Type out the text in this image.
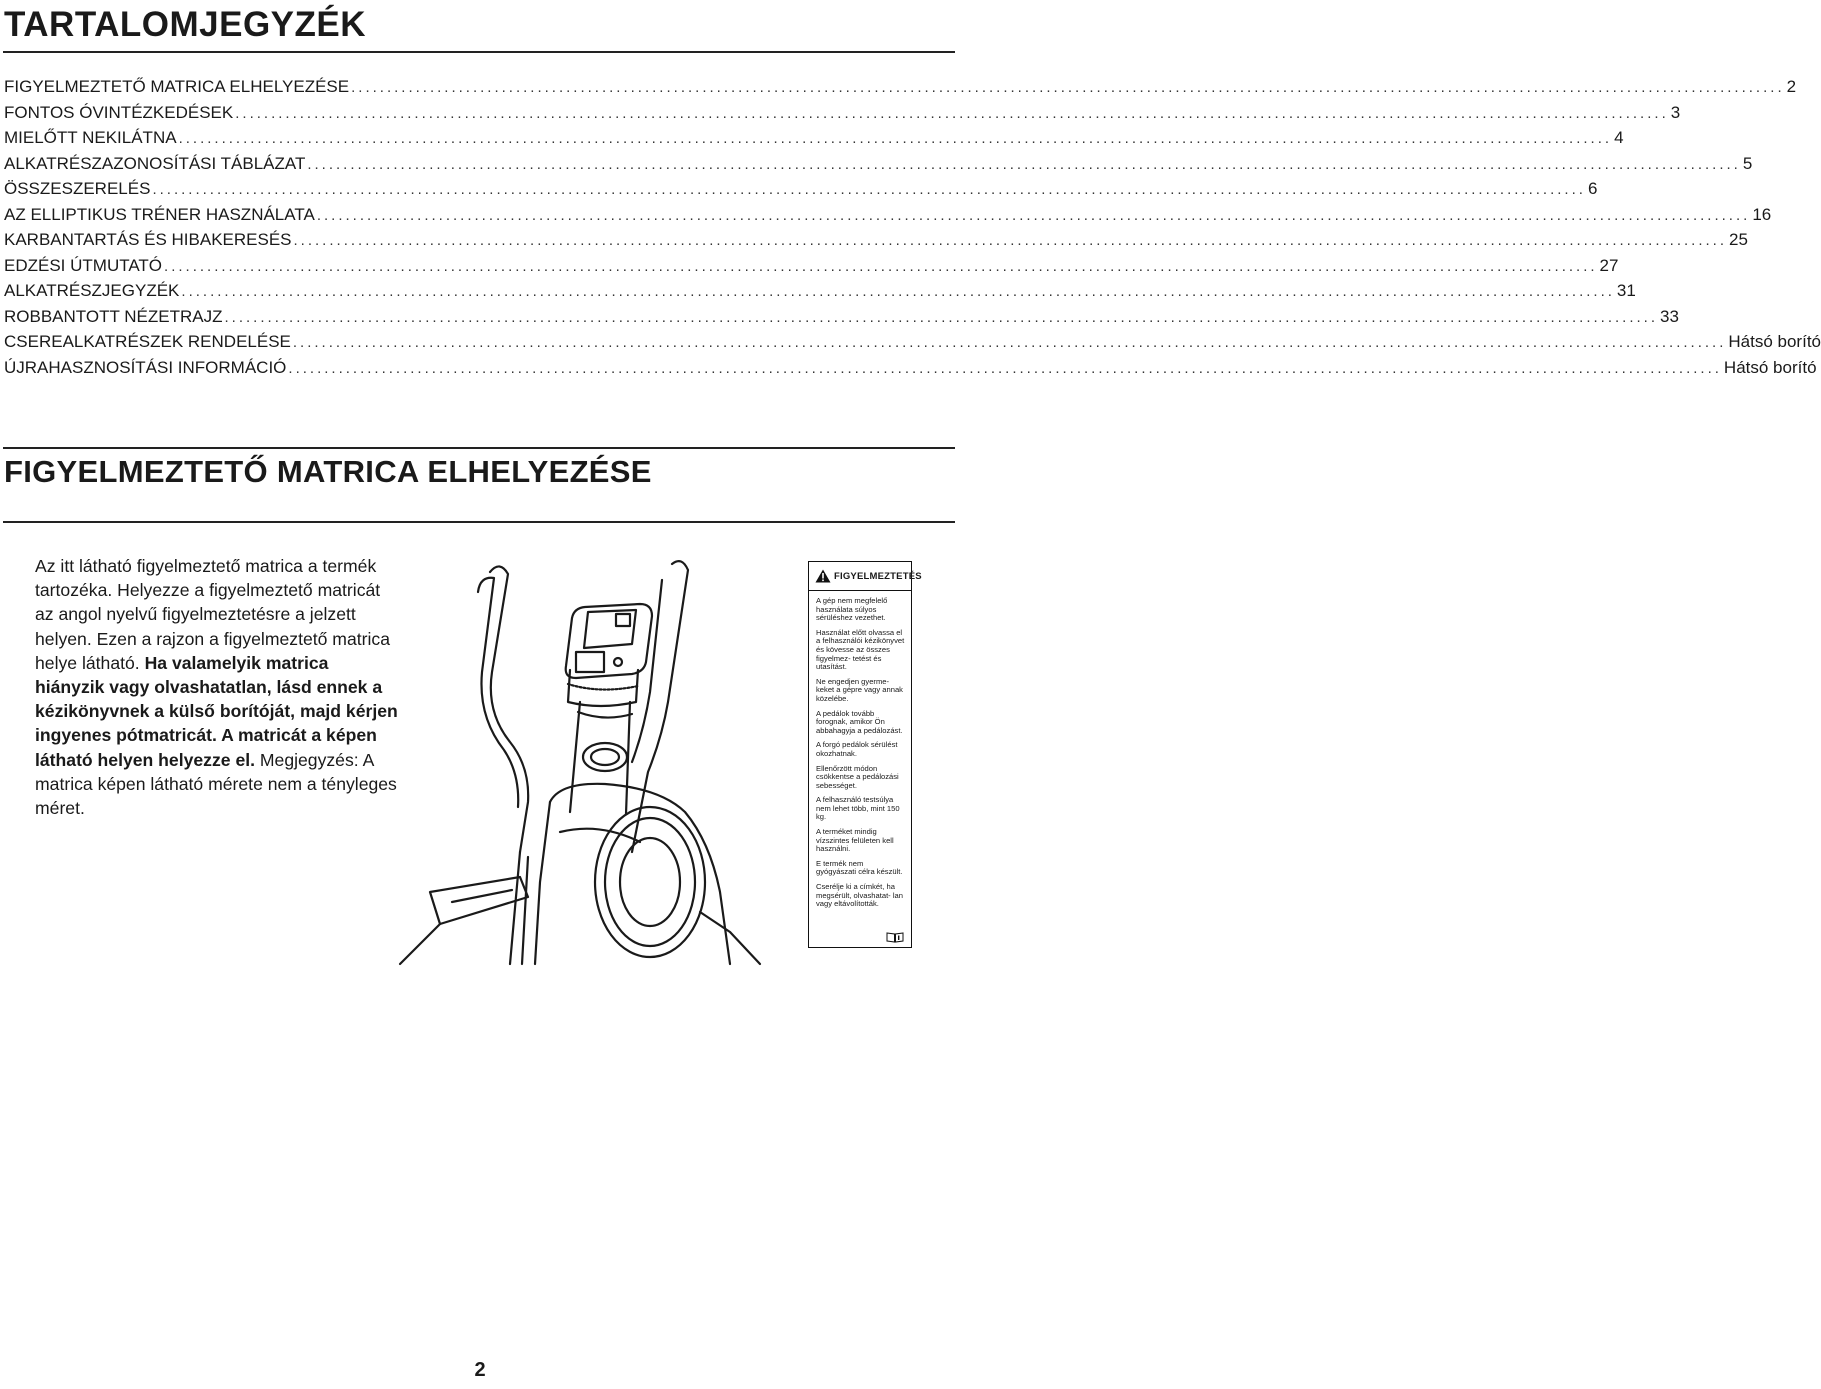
TARTALOMJEGYZÉK
FIGYELMEZTETŐ MATRICA ELHELYEZÉSE ........................................................................................................................................................................................................ 2
FONTOS ÓVINTÉZKEDÉSEK ........................................................................................................................................................................................................ 3
MIELŐTT NEKILÁTNA ........................................................................................................................................................................................................ 4
ALKATRÉSZAZONOSÍTÁSI TÁBLÁZAT ........................................................................................................................................................................................................ 5
ÖSSZESZERELÉS ........................................................................................................................................................................................................ 6
AZ ELLIPTIKUS TRÉNER HASZNÁLATA ........................................................................................................................................................................................................ 16
KARBANTARTÁS ÉS HIBAKERESÉS ........................................................................................................................................................................................................ 25
EDZÉSI ÚTMUTATÓ ........................................................................................................................................................................................................ 27
ALKATRÉSZJEGYZÉK ........................................................................................................................................................................................................ 31
ROBBANTOTT NÉZETRAJZ ........................................................................................................................................................................................................ 33
CSEREALKATRÉSZEK RENDELÉSE ........................................................................................................................................................................................................ Hátsó borító
ÚJRAHASZNOSÍTÁSI INFORMÁCIÓ ........................................................................................................................................................................................................ Hátsó borító
FIGYELMEZTETŐ MATRICA ELHELYEZÉSE

Az itt látható figyelmeztető matrica a termék tartozéka. Helyezze a figyelmeztető matricát az angol nyelvű figyelmeztetésre a jelzett helyen. Ezen a rajzon a figyelmeztető matrica helye látható. Ha valamelyik matrica hiányzik vagy olvashatatlan, lásd ennek a kézikönyvnek a külső borítóját, majd kérjen ingyenes pótmatricát. A matricát a képen látható helyen helyezze el. Megjegyzés: A matrica képen látható mérete nem a tényleges méret.

FIGYELMEZTETÉS
A gép nem megfelelő használata súlyos sérüléshez vezethet.
Használat előtt olvassa el a felhasználói kézikönyvet és kövesse az összes figyelmez- tetést és utasítást.
Ne engedjen gyerme- keket a gépre vagy annak közelébe.
A pedálok tovább forognak, amikor Ön abbahagyja a pedálozást.
A forgó pedálok sérülést okozhatnak.
Ellenőrzött módon csökkentse a pedálozási sebességet.
A felhasználó testsúlya nem lehet több, mint 150 kg.
A terméket mindig vízszintes felületen kell használni.
E termék nem gyógyászati célra készült.
Cserélje ki a címkét, ha megsérült, olvashatat- lan vagy eltávolították.
2
